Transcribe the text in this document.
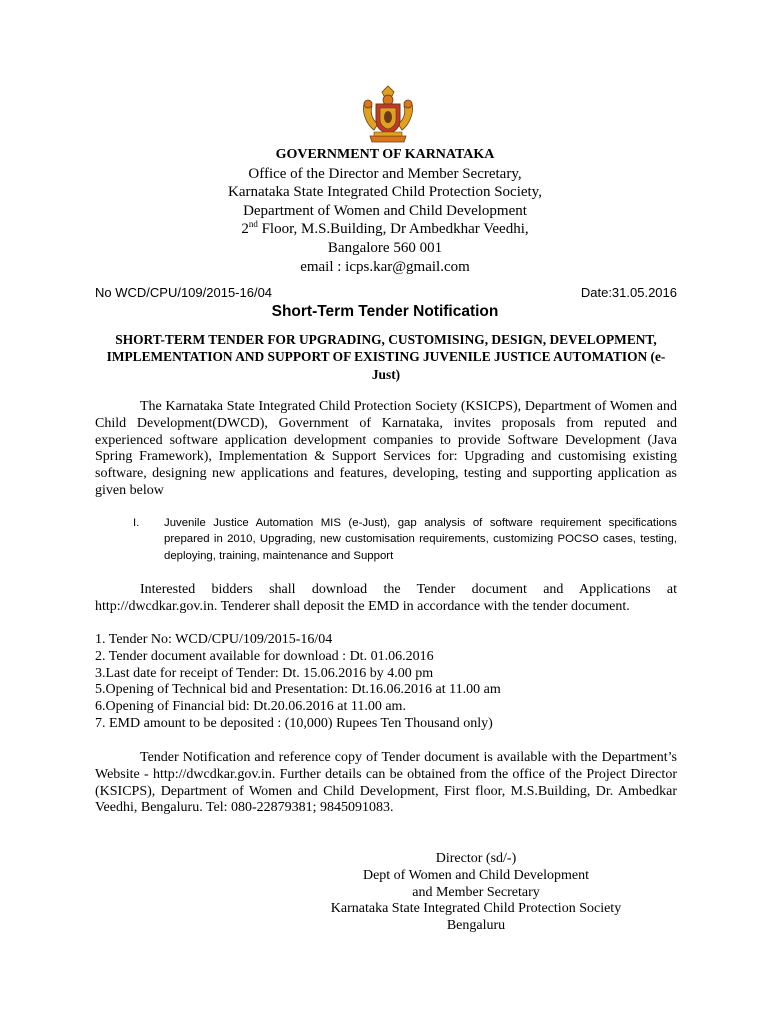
GOVERNMENT OF KARNATAKA
Office of the Director and Member Secretary,
Karnataka State Integrated Child Protection Society,
Department of Women and Child Development
2nd Floor, M.S.Building, Dr Ambedkhar Veedhi,
Bangalore 560 001
email : icps.kar@gmail.com
No WCD/CPU/109/2015-16/04	Date:31.05.2016
Short-Term Tender Notification
SHORT-TERM TENDER FOR UPGRADING, CUSTOMISING, DESIGN, DEVELOPMENT, IMPLEMENTATION AND SUPPORT OF EXISTING JUVENILE JUSTICE AUTOMATION (e-Just)
The Karnataka State Integrated Child Protection Society (KSICPS), Department of Women and Child Development(DWCD), Government of Karnataka, invites proposals from reputed and experienced software application development companies to provide Software Development (Java Spring Framework), Implementation & Support Services for: Upgrading and customising existing software, designing new applications and features, developing, testing and supporting application as given below
I. Juvenile Justice Automation MIS (e-Just), gap analysis of software requirement specifications prepared in 2010, Upgrading, new customisation requirements, customizing POCSO cases, testing, deploying, training, maintenance and Support
Interested bidders shall download the Tender document and Applications at http://dwcdkar.gov.in. Tenderer shall deposit the EMD in accordance with the tender document.
1. Tender No: WCD/CPU/109/2015-16/04
2. Tender document available for download : Dt. 01.06.2016
3.Last date for receipt of Tender: Dt. 15.06.2016 by 4.00 pm
5.Opening of Technical bid and Presentation: Dt.16.06.2016 at 11.00 am
6.Opening of Financial bid: Dt.20.06.2016 at 11.00 am.
7. EMD amount to be deposited : (10,000) Rupees Ten Thousand only)
Tender Notification and reference copy of Tender document is available with the Department’s Website - http://dwcdkar.gov.in. Further details can be obtained from the office of the Project Director (KSICPS), Department of Women and Child Development, First floor, M.S.Building, Dr. Ambedkar Veedhi, Bengaluru. Tel: 080-22879381; 9845091083.
Director (sd/-)
Dept of Women and Child Development
and Member Secretary
Karnataka State Integrated Child Protection Society
Bengaluru
